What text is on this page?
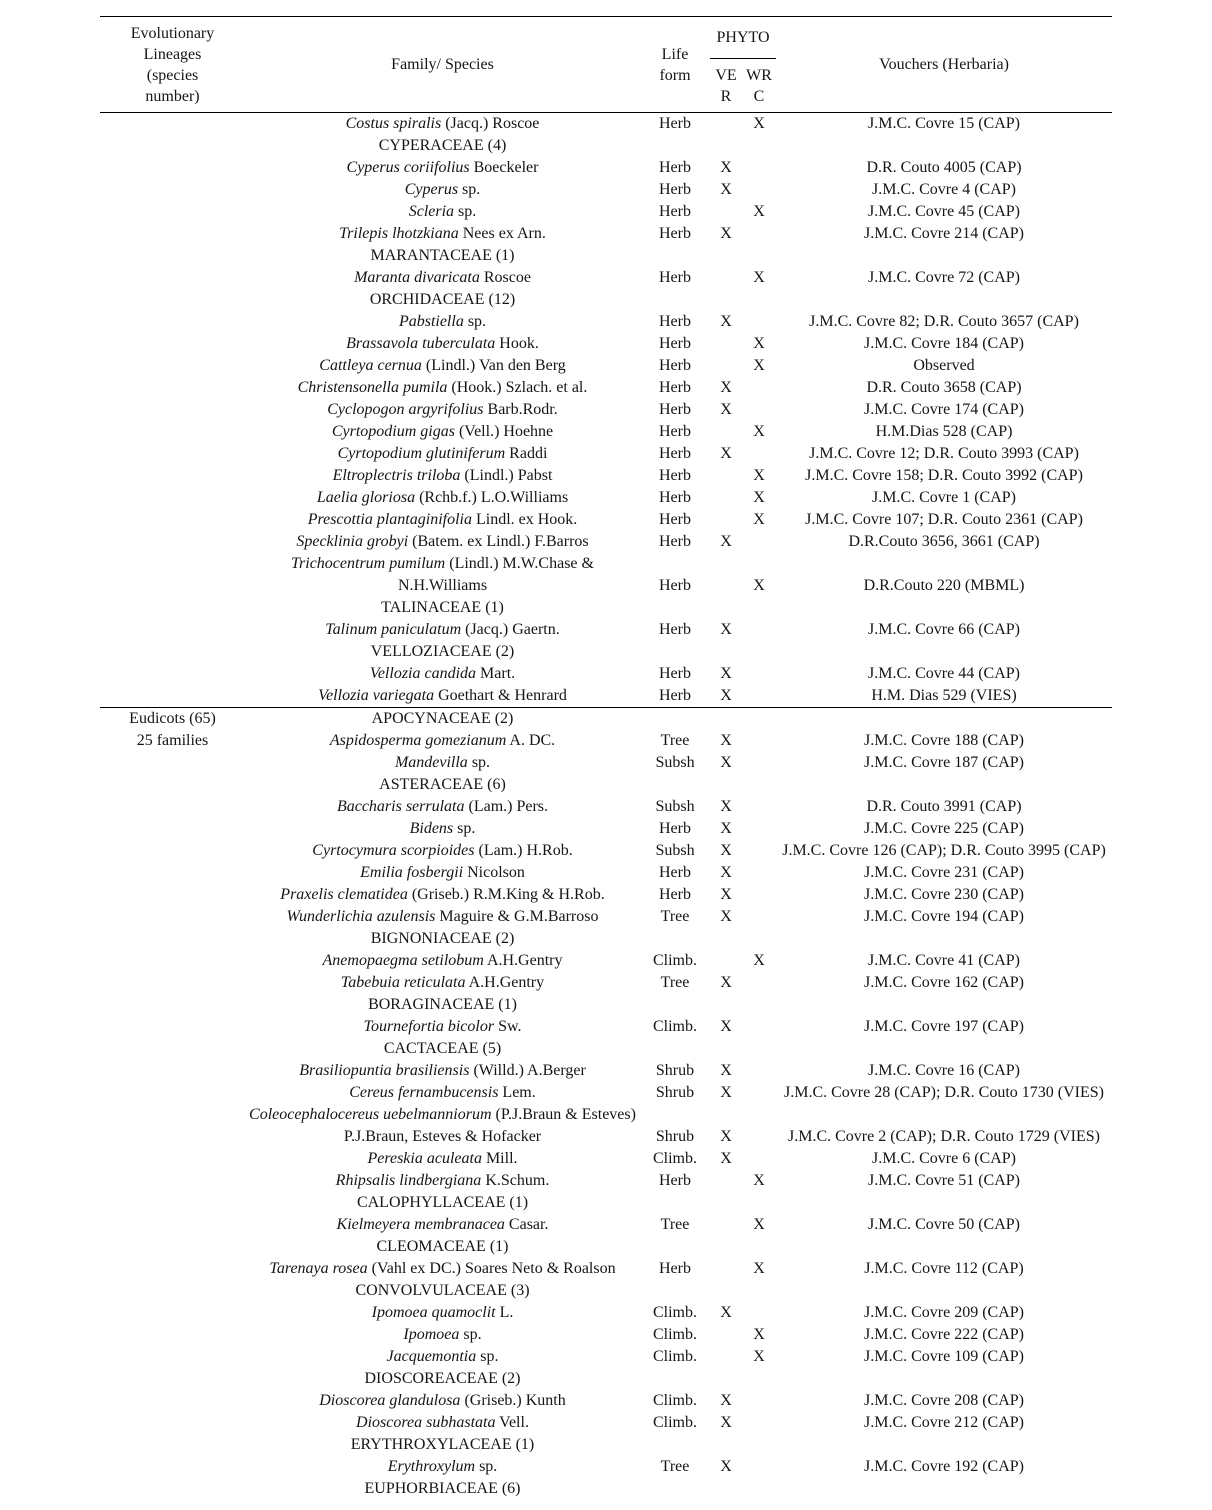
Evolutionary Lineages (species number)	Family/ Species	Life form	PHYTO		Vouchers (Herbaria)
			VE R	WR C	
	Costus spiralis (Jacq.) Roscoe	Herb		X	J.M.C. Covre 15 (CAP)
	CYPERACEAE (4)				
	Cyperus coriifolius Boeckeler	Herb	X		D.R. Couto 4005 (CAP)
	Cyperus sp.	Herb	X		J.M.C. Covre 4 (CAP)
	Scleria sp.	Herb		X	J.M.C. Covre 45 (CAP)
	Trilepis lhotzkiana Nees ex Arn.	Herb	X		J.M.C. Covre 214 (CAP)
	MARANTACEAE (1)				
	Maranta divaricata Roscoe	Herb		X	J.M.C. Covre 72 (CAP)
	ORCHIDACEAE (12)				
	Pabstiella sp.	Herb	X		J.M.C. Covre 82; D.R. Couto 3657 (CAP)
	Brassavola tuberculata Hook.	Herb		X	J.M.C. Covre 184 (CAP)
	Cattleya cernua (Lindl.) Van den Berg	Herb		X	Observed
	Christensonella pumila (Hook.) Szlach. et al.	Herb	X		D.R. Couto 3658 (CAP)
	Cyclopogon argyrifolius Barb.Rodr.	Herb	X		J.M.C. Covre 174 (CAP)
	Cyrtopodium gigas (Vell.) Hoehne	Herb		X	H.M.Dias 528 (CAP)
	Cyrtopodium glutiniferum Raddi	Herb	X		J.M.C. Covre 12; D.R. Couto 3993 (CAP)
	Eltroplectris triloba (Lindl.) Pabst	Herb		X	J.M.C. Covre 158; D.R. Couto 3992 (CAP)
	Laelia gloriosa (Rchb.f.) L.O.Williams	Herb		X	J.M.C. Covre 1 (CAP)
	Prescottia plantaginifolia Lindl. ex Hook.	Herb		X	J.M.C. Covre 107; D.R. Couto 2361 (CAP)
	Specklinia grobyi (Batem. ex Lindl.) F.Barros	Herb	X		D.R.Couto 3656, 3661 (CAP)
	Trichocentrum pumilum (Lindl.) M.W.Chase & N.H.Williams	Herb		X	D.R.Couto 220 (MBML)
	TALINACEAE (1)				
	Talinum paniculatum (Jacq.) Gaertn.	Herb	X		J.M.C. Covre 66 (CAP)
	VELLOZIACEAE (2)				
	Vellozia candida Mart.	Herb	X		J.M.C. Covre 44 (CAP)
	Vellozia variegata Goethart & Henrard	Herb	X		H.M. Dias 529 (VIES)
Eudicots (65)	APOCYNACEAE (2)				
25 families	Aspidosperma gomezianum A. DC.	Tree	X		J.M.C. Covre 188 (CAP)
	Mandevilla sp.	Subsh	X		J.M.C. Covre 187 (CAP)
	ASTERACEAE (6)				
	Baccharis serrulata (Lam.) Pers.	Subsh	X		D.R. Couto 3991 (CAP)
	Bidens sp.	Herb	X		J.M.C. Covre 225 (CAP)
	Cyrtocymura scorpioides (Lam.) H.Rob.	Subsh	X		J.M.C. Covre 126 (CAP); D.R. Couto 3995 (CAP)
	Emilia fosbergii Nicolson	Herb	X		J.M.C. Covre 231 (CAP)
	Praxelis clematidea (Griseb.) R.M.King & H.Rob.	Herb	X		J.M.C. Covre 230 (CAP)
	Wunderlichia azulensis Maguire & G.M.Barroso	Tree	X		J.M.C. Covre 194 (CAP)
	BIGNONIACEAE (2)				
	Anemopaegma setilobum A.H.Gentry	Climb.		X	J.M.C. Covre 41 (CAP)
	Tabebuia reticulata A.H.Gentry	Tree	X		J.M.C. Covre 162 (CAP)
	BORAGINACEAE (1)				
	Tournefortia bicolor Sw.	Climb.	X		J.M.C. Covre 197 (CAP)
	CACTACEAE (5)				
	Brasiliopuntia brasiliensis (Willd.) A.Berger	Shrub	X		J.M.C. Covre 16 (CAP)
	Cereus fernambucensis Lem.	Shrub	X		J.M.C. Covre 28 (CAP); D.R. Couto 1730 (VIES)
	Coleocephalocereus uebelmanniorum (P.J.Braun & Esteves) P.J.Braun, Esteves & Hofacker	Shrub	X		J.M.C. Covre 2 (CAP); D.R. Couto 1729 (VIES)
	Pereskia aculeata Mill.	Climb.	X		J.M.C. Covre 6 (CAP)
	Rhipsalis lindbergiana K.Schum.	Herb		X	J.M.C. Covre 51 (CAP)
	CALOPHYLLACEAE (1)				
	Kielmeyera membranacea Casar.	Tree		X	J.M.C. Covre 50 (CAP)
	CLEOMACEAE (1)				
	Tarenaya rosea (Vahl ex DC.) Soares Neto & Roalson	Herb		X	J.M.C. Covre 112 (CAP)
	CONVOLVULACEAE (3)				
	Ipomoea quamoclit L.	Climb.	X		J.M.C. Covre 209 (CAP)
	Ipomoea sp.	Climb.		X	J.M.C. Covre 222 (CAP)
	Jacquemontia sp.	Climb.		X	J.M.C. Covre 109 (CAP)
	DIOSCOREACEAE (2)				
	Dioscorea glandulosa (Griseb.) Kunth	Climb.	X		J.M.C. Covre 208 (CAP)
	Dioscorea subhastata Vell.	Climb.	X		J.M.C. Covre 212 (CAP)
	ERYTHROXYLACEAE (1)				
	Erythroxylum sp.	Tree	X		J.M.C. Covre 192 (CAP)
	EUPHORBIACEAE (6)				
